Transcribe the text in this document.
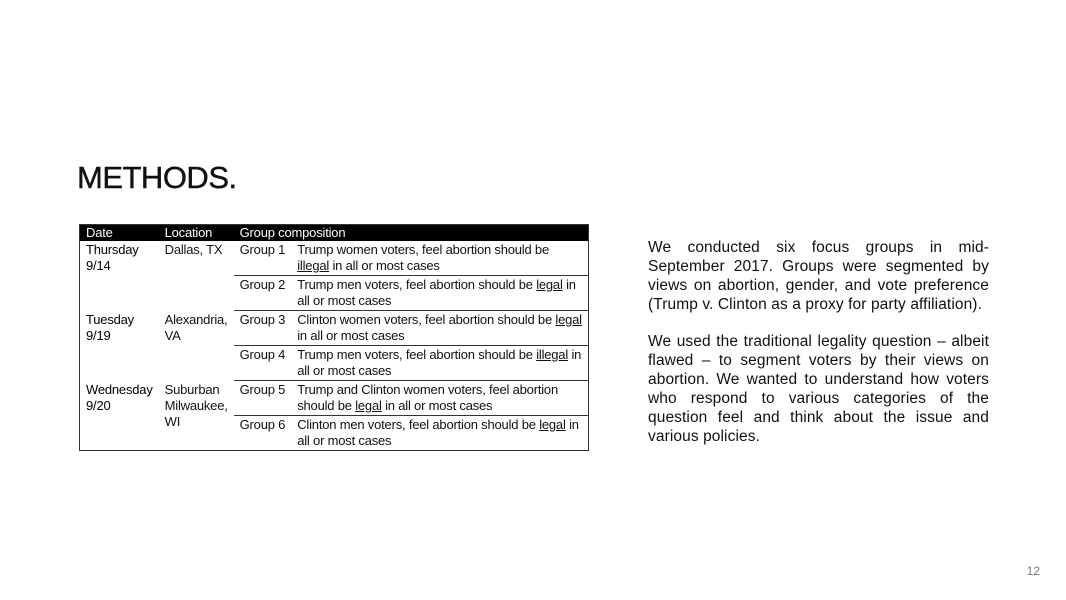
METHODS.
Date	Location	Group composition	
Thursday 9/14	Dallas, TX	Group 1	Trump women voters, feel abortion should be illegal in all or most cases
		Group 2	Trump men voters, feel abortion should be legal in all or most cases
Tuesday 9/19	Alexandria, VA	Group 3	Clinton women voters, feel abortion should be legal in all or most cases
		Group 4	Trump men voters, feel abortion should be illegal in all or most cases
Wednesday 9/20	Suburban Milwaukee, WI	Group 5	Trump and Clinton women voters, feel abortion should be legal in all or most cases
		Group 6	Clinton men voters, feel abortion should be legal in all or most cases

We conducted six focus groups in mid-September 2017. Groups were segmented by views on abortion, gender, and vote preference (Trump v. Clinton as a proxy for party affiliation).

We used the traditional legality question – albeit flawed – to segment voters by their views on abortion. We wanted to understand how voters who respond to various categories of the question feel and think about the issue and various policies.

12
